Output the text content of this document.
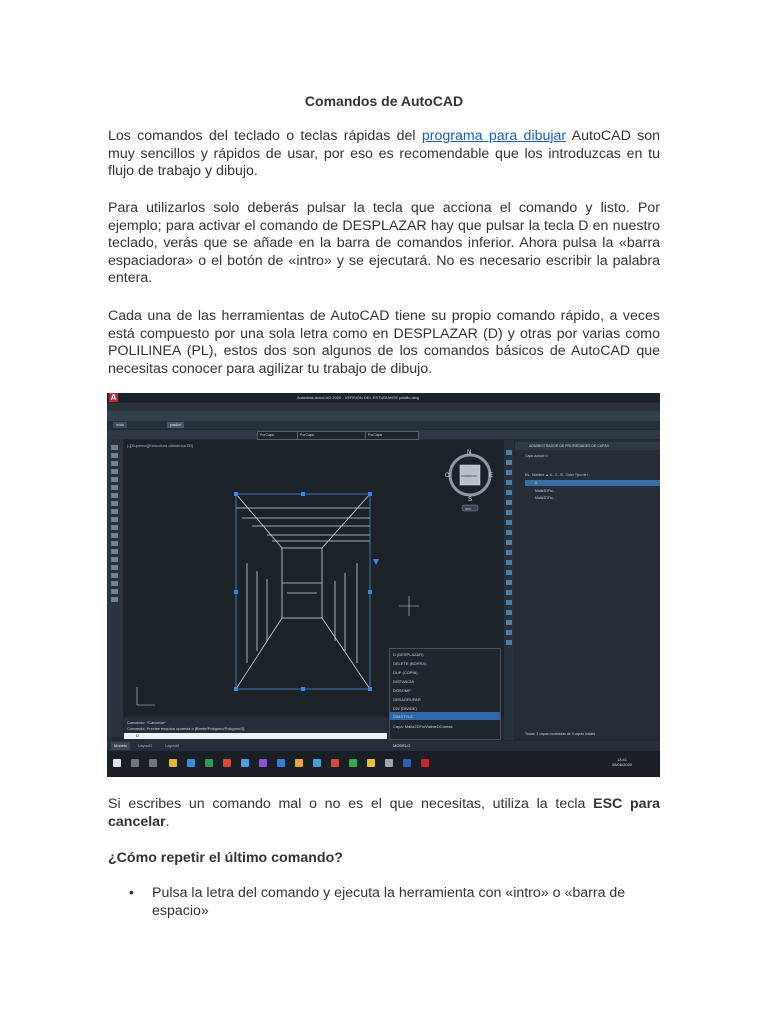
Comandos de AutoCAD
Los comandos del teclado o teclas rápidas del programa para dibujar AutoCAD son muy sencillos y rápidos de usar, por eso es recomendable que los introduzcas en tu flujo de trabajo y dibujo.
Para utilizarlos solo deberás pulsar la tecla que acciona el comando y listo. Por ejemplo; para activar el comando de DESPLAZAR hay que pulsar la tecla D en nuestro teclado, verás que se añade en la barra de comandos inferior. Ahora pulsa la «barra espaciadora» o el botón de «intro» y se ejecutará. No es necesario escribir la palabra entera.
Cada una de las herramientas de AutoCAD tiene su propio comando rápido, a veces está compuesto por una sola letra como en DESPLAZAR (D) y otras por varias como POLILINEA (PL), estos dos son algunos de los comandos básicos de AutoCAD que necesitas conocer para agilizar tu trabajo de dibujo.
A	Autodesk AutoCAD 2020 - VERSIÓN DEL ESTUDIANTE pasillo.dwg
Inicio	pasillo*
PorCapa	PorCapa	PorCapa
[-][Superior][Estructura alámbrica 2D]
N
S
E
O	SUPERIOR
SCU
ADMINISTRADOR DE PROPIEDADES DE CAPAS
Capa actual: 0
Es.. Nombre ▲ A.. C.. B.. Color Tipo de l..
0
Malla2DFlo...
Malla2DFlo...
Todas: 3 capas mostradas de 3 capas totales
D (DESPLAZAR)
DELETE (BORRA)
DUP (COPIA)
DISTANCIA
DOSOMP
DESAGRUPAR
DIV (DIVIDE)
DIMSTYLE
Capa: Malla2DFloVisibleDCareas
Comando: *Cancelar*
Comando: Precise esquina opuesta o [Borde/Polígono/PolígonoS]:
D
Modelo	Layout1	Layout2	MODELO
13:41
08/06/2020
Si escribes un comando mal o no es el que necesitas, utiliza la tecla ESC para cancelar.
¿Cómo repetir el último comando?
• Pulsa la letra del comando y ejecuta la herramienta con «intro» o «barra de espacio»
